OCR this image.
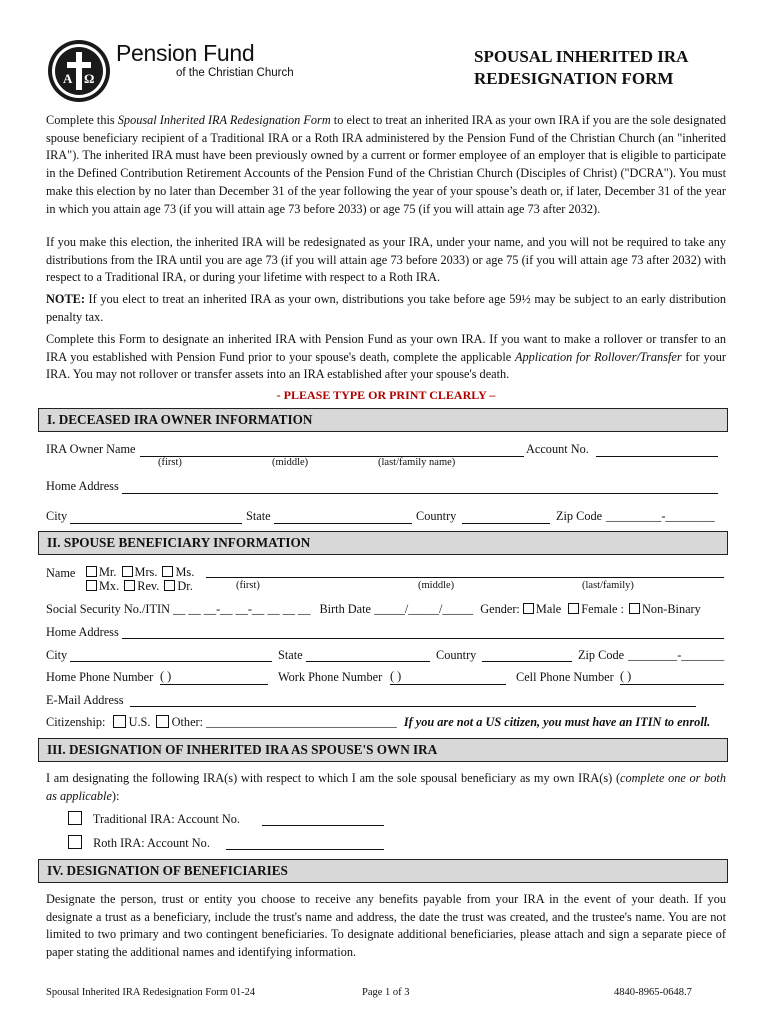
A Ω
Pension Fund
of the Christian Church
SPOUSAL INHERITED IRA
REDESIGNATION FORM

Complete this Spousal Inherited IRA Redesignation Form to elect to treat an inherited IRA as your own IRA if you are the sole designated spouse beneficiary recipient of a Traditional IRA or a Roth IRA administered by the Pension Fund of the Christian Church (an "inherited IRA"). The inherited IRA must have been previously owned by a current or former employee of an employer that is eligible to participate in the Defined Contribution Retirement Accounts of the Pension Fund of the Christian Church (Disciples of Christ) ("DCRA"). You must make this election by no later than December 31 of the year following the year of your spouse’s death or, if later, December 31 of the year in which you attain age 73 (if you will attain age 73 before 2033) or age 75 (if you will attain age 73 after 2032).

If you make this election, the inherited IRA will be redesignated as your IRA, under your name, and you will not be required to take any distributions from the IRA until you are age 73 (if you will attain age 73 before 2033) or age 75 (if you will attain age 73 after 2032) with respect to a Traditional IRA, or during your lifetime with respect to a Roth IRA.

NOTE: If you elect to treat an inherited IRA as your own, distributions you take before age 59½ may be subject to an early distribution penalty tax.

Complete this Form to designate an inherited IRA with Pension Fund as your own IRA. If you want to make a rollover or transfer to an IRA you established with Pension Fund prior to your spouse's death, complete the applicable Application for Rollover/Transfer for your IRA. You may not rollover or transfer assets into an IRA established after your spouse's death.

- PLEASE TYPE OR PRINT CLEARLY –
I. DECEASED IRA OWNER INFORMATION
IRA Owner Name	Account No.
(first)	(middle)	(last/family name)
Home Address
City	State	Country	Zip Code _________-________
II. SPOUSE BENEFICIARY INFORMATION
Name	Mr. Mrs. Ms.
Mx. Rev. Dr.	(first)	(middle)	(last/family)
Social Security No./ITIN __ __ __-__ __-__ __ __ __ Birth Date _____/_____/_____ Gender: Male Female : Non-Binary
Home Address
City	State	Country	Zip Code ________-_______
Home Phone Number ( )	Work Phone Number ( )	Cell Phone Number ( )
E-Mail Address
Citizenship: U.S. Other: _______________________________ If you are not a US citizen, you must have an ITIN to enroll.
III. DESIGNATION OF INHERITED IRA AS SPOUSE'S OWN IRA

I am designating the following IRA(s) with respect to which I am the sole spousal beneficiary as my own IRA(s) (complete one or both as applicable):

Traditional IRA: Account No.
Roth IRA: Account No.
IV. DESIGNATION OF BENEFICIARIES
Designate the person, trust or entity you choose to receive any benefits payable from your IRA in the event of your death. If you designate a trust as a beneficiary, include the trust's name and address, the date the trust was created, and the trustee's name. You are not limited to two primary and two contingent beneficiaries. To designate additional beneficiaries, please attach and sign a separate piece of paper stating the additional names and identifying information.
Spousal Inherited IRA Redesignation Form 01-24	Page 1 of 3	4840-8965-0648.7
